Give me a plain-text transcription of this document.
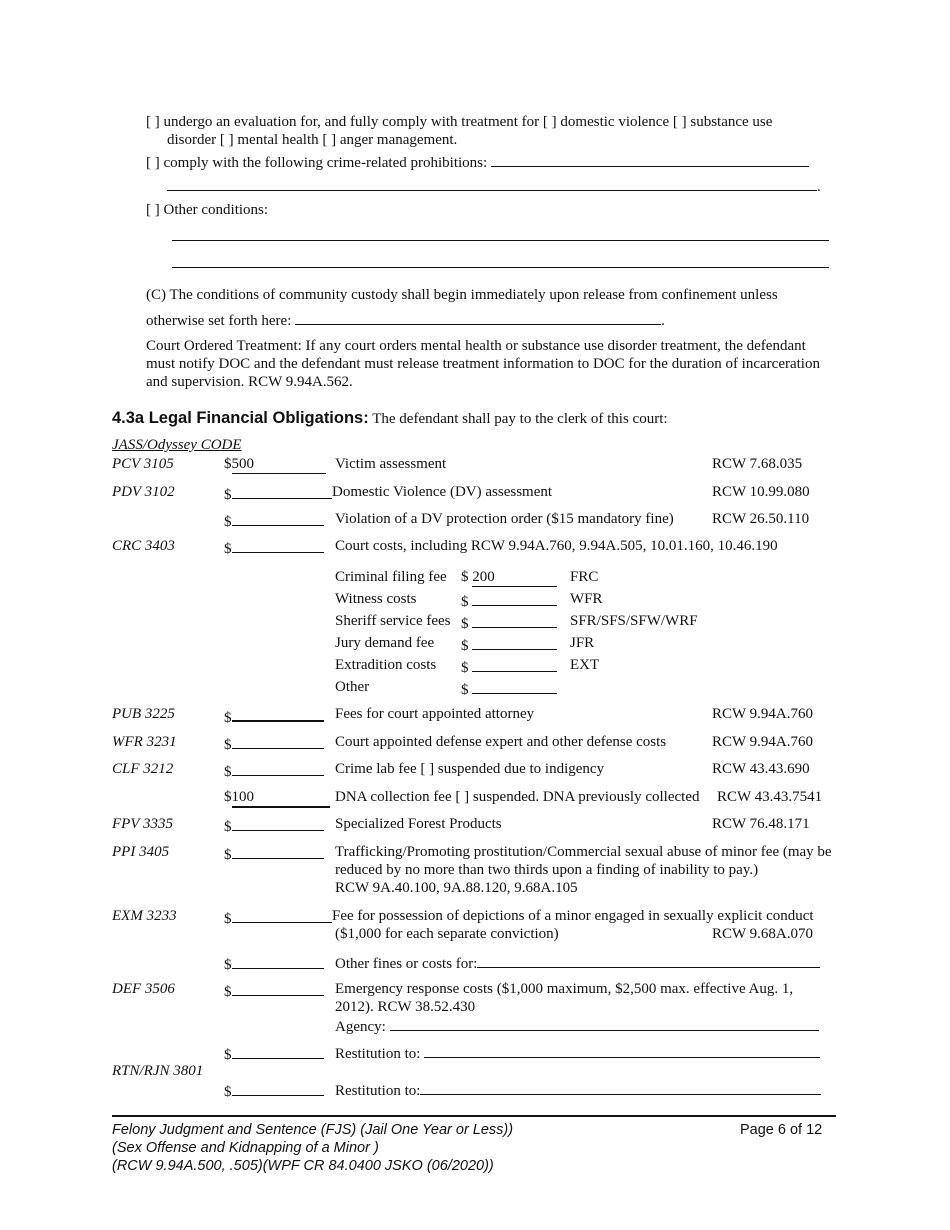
[ ] undergo an evaluation for, and fully comply with treatment for [ ] domestic violence [ ] substance use
disorder [ ] mental health [ ] anger management.
[ ] comply with the following crime-related prohibitions:
.
[ ] Other conditions:
(C) The conditions of community custody shall begin immediately upon release from confinement unless
otherwise set forth here:	.
Court Ordered Treatment: If any court orders mental health or substance use disorder treatment, the defendant must notify DOC and the defendant must release treatment information to DOC for the duration of incarceration and supervision. RCW 9.94A.562.
4.3a Legal Financial Obligations: The defendant shall pay to the clerk of this court:
JASS/Odyssey CODE
PCV 3105	$500	Victim assessment	RCW 7.68.035
PDV 3102	$	Domestic Violence (DV) assessment	RCW 10.99.080
$	Violation of a DV protection order ($15 mandatory fine)	RCW 26.50.110
CRC 3403	$	Court costs, including RCW 9.94A.760, 9.94A.505, 10.01.160, 10.46.190
Criminal filing fee $ 200	FRC
Witness costs	$	WFR
Sheriff service fees $	SFR/SFS/SFW/WRF
Jury demand fee $	JFR
Extradition costs $	EXT
Other	$
PUB 3225	$	Fees for court appointed attorney	RCW 9.94A.760
WFR 3231	$	Court appointed defense expert and other defense costs	RCW 9.94A.760
CLF 3212	$	Crime lab fee [ ] suspended due to indigency	RCW 43.43.690
$100	DNA collection fee [ ] suspended. DNA previously collected RCW 43.43.7541
FPV 3335	$	Specialized Forest Products	RCW 76.48.171
PPI 3405	$	Trafficking/Promoting prostitution/Commercial sexual abuse of minor fee (may be reduced by no more than two thirds upon a finding of inability to pay.)
RCW 9A.40.100, 9A.88.120, 9.68A.105
EXM 3233	$	Fee for possession of depictions of a minor engaged in sexually explicit conduct
($1,000 for each separate conviction)	RCW 9.68A.070
$	Other fines or costs for:
DEF 3506	$	Emergency response costs ($1,000 maximum, $2,500 max. effective Aug. 1, 2012). RCW 38.52.430
Agency:
$	Restitution to:
RTN/RJN 3801
$	Restitution to:
Felony Judgment and Sentence (FJS) (Jail One Year or Less))
(Sex Offense and Kidnapping of a Minor )
(RCW 9.94A.500, .505)(WPF CR 84.0400 JSKO (06/2020))
Page 6 of 12
